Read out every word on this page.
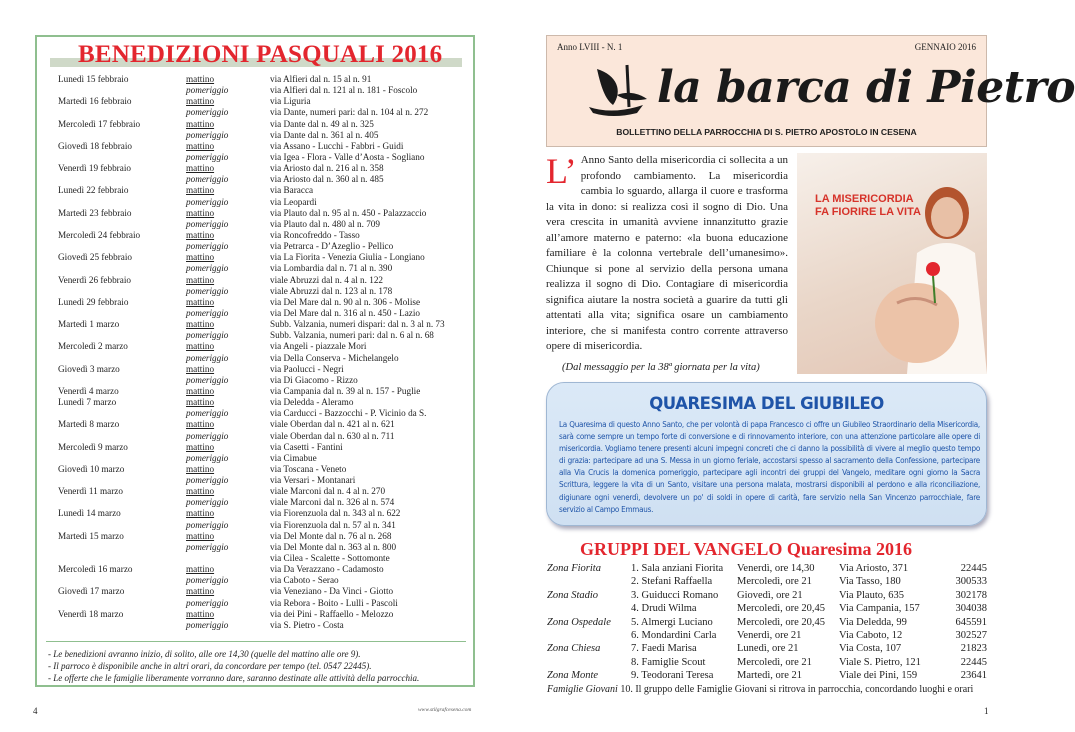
BENEDIZIONI PASQUALI 2016
Lunedì 15 febbraio	mattino	via Alfieri dal n. 15 al n. 91
pomeriggio	via Alfieri dal n. 121 al n. 181 - Foscolo
Martedì 16 febbraio	mattino	via Liguria
pomeriggio	via Dante, numeri pari: dal n. 104 al n. 272
Mercoledì 17 febbraio	mattino	via Dante dal n. 49 al n. 325
pomeriggio	via Dante dal n. 361 al n. 405
Giovedì 18 febbraio	mattino	via Assano - Lucchi - Fabbri - Guidi
pomeriggio	via Igea - Flora - Valle d’Aosta - Sogliano
Venerdì 19 febbraio	mattino	via Ariosto dal n. 216 al n. 358
pomeriggio	via Ariosto dal n. 360 al n. 485
Lunedì 22 febbraio	mattino	via Baracca
pomeriggio	via Leopardi
Martedì 23 febbraio	mattino	via Plauto dal n. 95 al n. 450 - Palazzaccio
pomeriggio	via Plauto dal n. 480 al n. 709
Mercoledì 24 febbraio	mattino	via Roncofreddo - Tasso
pomeriggio	via Petrarca - D’Azeglio - Pellico
Giovedì 25 febbraio	mattino	via La Fiorita - Venezia Giulia - Longiano
pomeriggio	via Lombardia dal n. 71 al n. 390
Venerdì 26 febbraio	mattino	viale Abruzzi dal n. 4 al n. 122
pomeriggio	viale Abruzzi dal n. 123 al n. 178
Lunedì 29 febbraio	mattino	via Del Mare dal n. 90 al n. 306 - Molise
pomeriggio	via Del Mare dal n. 316 al n. 450 - Lazio
Martedì 1 marzo	mattino	Subb. Valzania, numeri dispari: dal n. 3 al n. 73
pomeriggio	Subb. Valzania, numeri pari: dal n. 6 al n. 68
Mercoledì 2 marzo	mattino	via Angeli - piazzale Mori
pomeriggio	via Della Conserva - Michelangelo
Giovedì 3 marzo	mattino	via Paolucci - Negri
pomeriggio	via Di Giacomo - Rizzo
Venerdì 4 marzo	mattino	via Campania dal n. 39 al n. 157 - Puglie
Lunedì 7 marzo	mattino	via Deledda - Aleramo
pomeriggio	via Carducci - Bazzocchi - P. Vicinio da S.
Martedì 8 marzo	mattino	viale Oberdan dal n. 421 al n. 621
pomeriggio	viale Oberdan dal n. 630 al n. 711
Mercoledì 9 marzo	mattino	via Casetti - Fantini
pomeriggio	via Cimabue
Giovedì 10 marzo	mattino	via Toscana - Veneto
pomeriggio	via Versari - Montanari
Venerdì 11 marzo	mattino	viale Marconi dal n. 4 al n. 270
pomeriggio	viale Marconi dal n. 326 al n. 574
Lunedì 14 marzo	mattino	via Fiorenzuola dal n. 343 al n. 622
pomeriggio	via Fiorenzuola dal n. 57 al n. 341
Martedì 15 marzo	mattino	via Del Monte dal n. 76 al n. 268
pomeriggio	via Del Monte dal n. 363 al n. 800
via Cilea - Scalette - Sottomonte
Mercoledì 16 marzo	mattino	via Da Verazzano - Cadamosto
pomeriggio	via Caboto - Serao
Giovedì 17 marzo	mattino	via Veneziano - Da Vinci - Giotto
pomeriggio	via Rebora - Boito - Lulli - Pascoli
Venerdì 18 marzo	mattino	via dei Pini - Raffaello - Melozzo
pomeriggio	via S. Pietro - Costa
- Le benedizioni avranno inizio, di solito, alle ore 14,30 (quelle del mattino alle ore 9).
- Il parroco è disponibile anche in altri orari, da concordare per tempo (tel. 0547 22445).
- Le offerte che le famiglie liberamente vorranno dare, saranno destinate alle attività della parrocchia.
4	www.stilgrafcesena.com
Anno LVIII - N. 1	GENNAIO 2016
la barca di Pietro
BOLLETTINO DELLA PARROCCHIA DI S. PIETRO APOSTOLO IN CESENA
L’ Anno Santo della misericordia ci sollecita a un profondo cambiamento. La misericordia cambia lo sguardo, allarga il cuore e trasforma la vita in dono: si realizza così il sogno di Dio. Una vera crescita in umanità avviene innanzitutto grazie all’amore materno e paterno: «la buona educazione familiare è la colonna vertebrale dell’umanesimo». Chiunque si pone al servizio della persona umana realizza il sogno di Dio. Contagiare di misericordia significa aiutare la nostra società a guarire da tutti gli attentati alla vita; significa osare un cambiamento interiore, che si manifesta contro corrente attraverso opere di misericordia.
(Dal messaggio per la 38ª giornata per la vita)
LA MISERICORDIA FA FIORIRE LA VITA
QUARESIMA DEL GIUBILEO
La Quaresima di questo Anno Santo, che per volontà di papa Francesco ci offre un Giubileo Straordinario della Misericordia, sarà come sempre un tempo forte di conversione e di rinnovamento interiore, con una attenzione particolare alle opere di misericordia. Vogliamo tenere presenti alcuni impegni concreti che ci danno la possibilità di vivere al meglio questo tempo di grazia: partecipare ad una S. Messa in un giorno feriale, accostarsi spesso al sacramento della Confessione, partecipare alla Via Crucis la domenica pomeriggio, partecipare agli incontri dei gruppi del Vangelo, meditare ogni giorno la Sacra Scrittura, leggere la vita di un Santo, visitare una persona malata, mostrarsi disponibili al perdono e alla riconciliazione, digiunare ogni venerdì, devolvere un po' di soldi in opere di carità, fare servizio nella San Vincenzo parrocchiale, fare servizio al Campo Emmaus.
GRUPPI DEL VANGELO Quaresima 2016
Zona Fiorita	1. Sala anziani Fiorita	Venerdì, ore 14,30	Via Ariosto, 371	22445
2. Stefani Raffaella	Mercoledì, ore 21	Via Tasso, 180	300533
Zona Stadio	3. Guiducci Romano	Giovedì, ore 21	Via Plauto, 635	302178
4. Drudi Wilma	Mercoledì, ore 20,45	Via Campania, 157	304038
Zona Ospedale	5. Almergi Luciano	Mercoledì, ore 20,45	Via Deledda, 99	645591
6. Mondardini Carla	Venerdì, ore 21	Via Caboto, 12	302527
Zona Chiesa	7. Faedi Marisa	Lunedì, ore 21	Via Costa, 107	21823
8. Famiglie Scout	Mercoledì, ore 21	Viale S. Pietro, 121	22445
Zona Monte	9. Teodorani Teresa	Martedì, ore 21	Viale dei Pini, 159	23641
Famiglie Giovani 10. Il gruppo delle Famiglie Giovani si ritrova in parrocchia, concordando luoghi e orari
1
